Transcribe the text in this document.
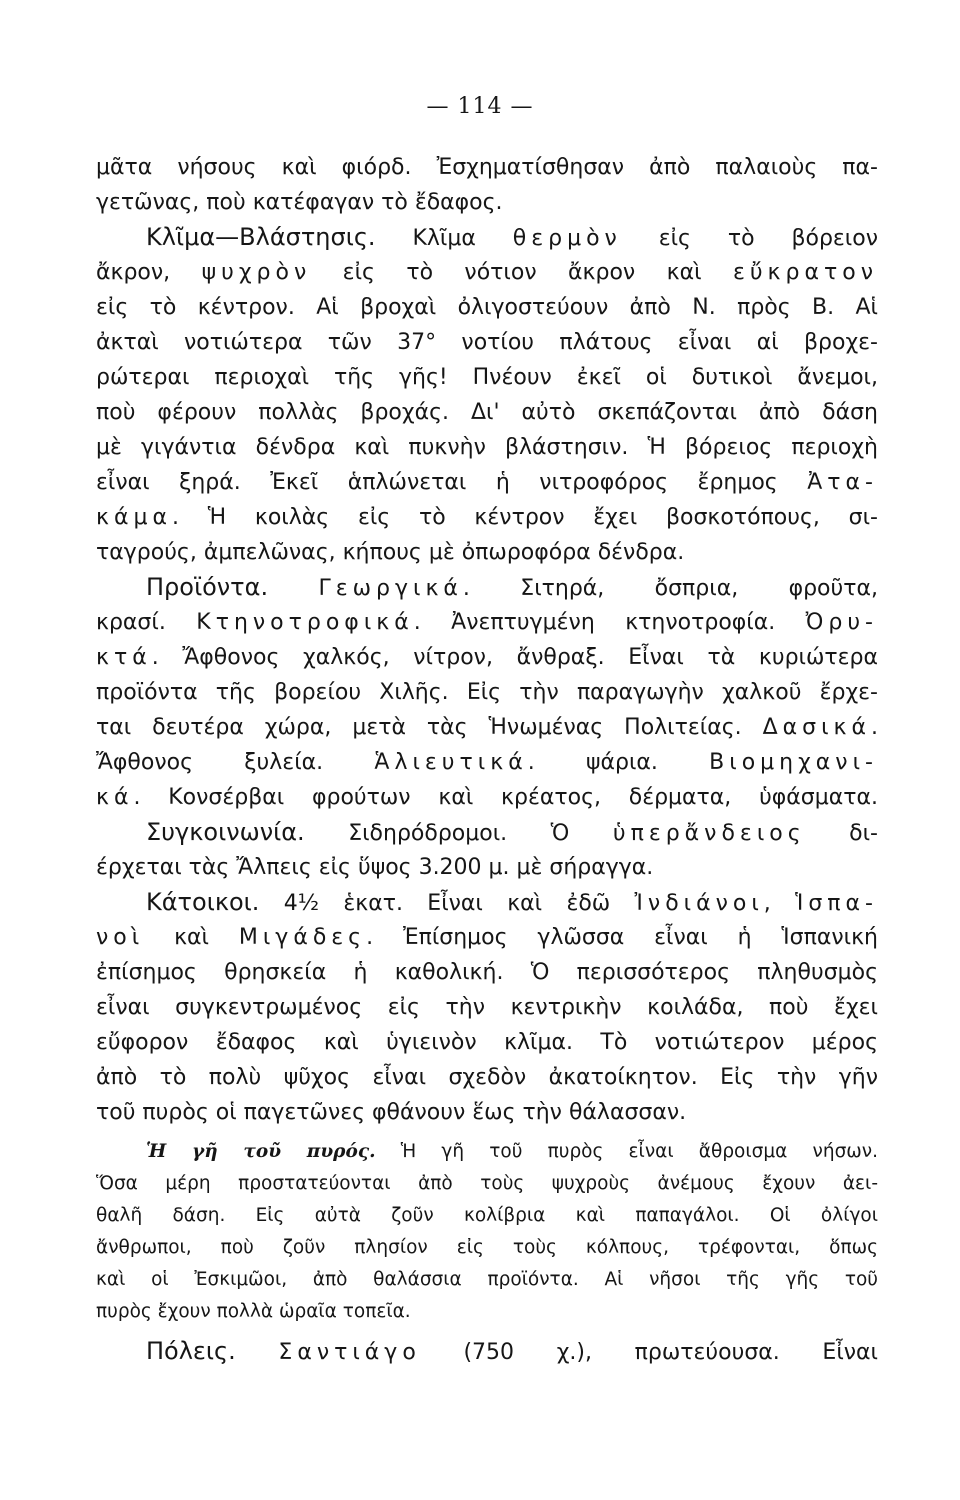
— 114 —
μᾶτα νήσους καὶ φιόρδ. Ἐσχηματίσθησαν ἀπὸ παλαιοὺς πα-
γετῶνας, ποὺ κατέφαγαν τὸ ἔδαφος.
Κλῖμα—Βλάστησις. Κλῖμα θερμὸν εἰς τὸ βόρειον
ἄκρον, ψυχρὸν εἰς τὸ νότιον ἄκρον καὶ εὔκρατον
εἰς τὸ κέντρον. Αἱ βροχαὶ ὀλιγοστεύουν ἀπὸ Ν. πρὸς Β. Αἱ
ἀκταὶ νοτιώτερα τῶν 37° νοτίου πλάτους εἶναι αἱ βροχε-
ρώτεραι περιοχαὶ τῆς γῆς! Πνέουν ἐκεῖ οἱ δυτικοὶ ἄνεμοι,
ποὺ φέρουν πολλὰς βροχάς. Δι' αὐτὸ σκεπάζονται ἀπὸ δάση
μὲ γιγάντια δένδρα καὶ πυκνὴν βλάστησιν. Ἡ βόρειος περιοχὴ
εἶναι ξηρά. Ἐκεῖ ἁπλώνεται ἡ νιτροφόρος ἔρημος Ἀτα-
κάμα. Ἡ κοιλὰς εἰς τὸ κέντρον ἔχει βοσκοτόπους, σι-
ταγρούς, ἀμπελῶνας, κήπους μὲ ὀπωροφόρα δένδρα.
Προϊόντα. Γεωργικά. Σιτηρά, ὄσπρια, φροῦτα,
κρασί. Κτηνοτροφικά. Ἀνεπτυγμένη κτηνοτροφία. Ὀρυ-
κτά. Ἄφθονος χαλκός, νίτρον, ἄνθραξ. Εἶναι τὰ κυριώτερα
προϊόντα τῆς βορείου Χιλῆς. Εἰς τὴν παραγωγὴν χαλκοῦ ἔρχε-
ται δευτέρα χώρα, μετὰ τὰς Ἡνωμένας Πολιτείας. Δασικά.
Ἄφθονος ξυλεία. Ἁλιευτικά. ψάρια. Βιομηχανι-
κά. Κονσέρβαι φρούτων καὶ κρέατος, δέρματα, ὑφάσματα.
Συγκοινωνία. Σιδηρόδρομοι. Ὁ ὑπερἄνδειος δι-
έρχεται τὰς Ἄλπεις εἰς ὕψος 3.200 μ. μὲ σήραγγα.
Κάτοικοι. 4½ ἑκατ. Εἶναι καὶ ἐδῶ Ἰνδιάνοι, Ἱσπα-
νοὶ καὶ Μιγάδες. Ἐπίσημος γλῶσσα εἶναι ἡ Ἱσπανική
ἐπίσημος θρησκεία ἡ καθολική. Ὁ περισσότερος πληθυσμὸς
εἶναι συγκεντρωμένος εἰς τὴν κεντρικὴν κοιλάδα, ποὺ ἔχει
εὔφορον ἔδαφος καὶ ὑγιεινὸν κλῖμα. Τὸ νοτιώτερον μέρος
ἀπὸ τὸ πολὺ ψῦχος εἶναι σχεδὸν ἀκατοίκητον. Εἰς τὴν γῆν
τοῦ πυρὸς οἱ παγετῶνες φθάνουν ἕως τὴν θάλασσαν.
Ἡ γῆ τοῦ πυρός. Ἡ γῆ τοῦ πυρὸς εἶναι ἄθροισμα νήσων.
Ὅσα μέρη προστατεύονται ἀπὸ τοὺς ψυχροὺς ἀνέμους ἔχουν ἀει-
θαλῆ δάση. Εἰς αὐτὰ ζοῦν κολίβρια καὶ παπαγάλοι. Οἱ ὀλίγοι
ἄνθρωποι, ποὺ ζοῦν πλησίον εἰς τοὺς κόλπους, τρέφονται, ὅπως
καὶ οἱ Ἐσκιμῶοι, ἀπὸ θαλάσσια προϊόντα. Αἱ νῆσοι τῆς γῆς τοῦ
πυρὸς ἔχουν πολλὰ ὡραῖα τοπεῖα.
Πόλεις. Σαντιάγο (750 χ.), πρωτεύουσα. Εἶναι
